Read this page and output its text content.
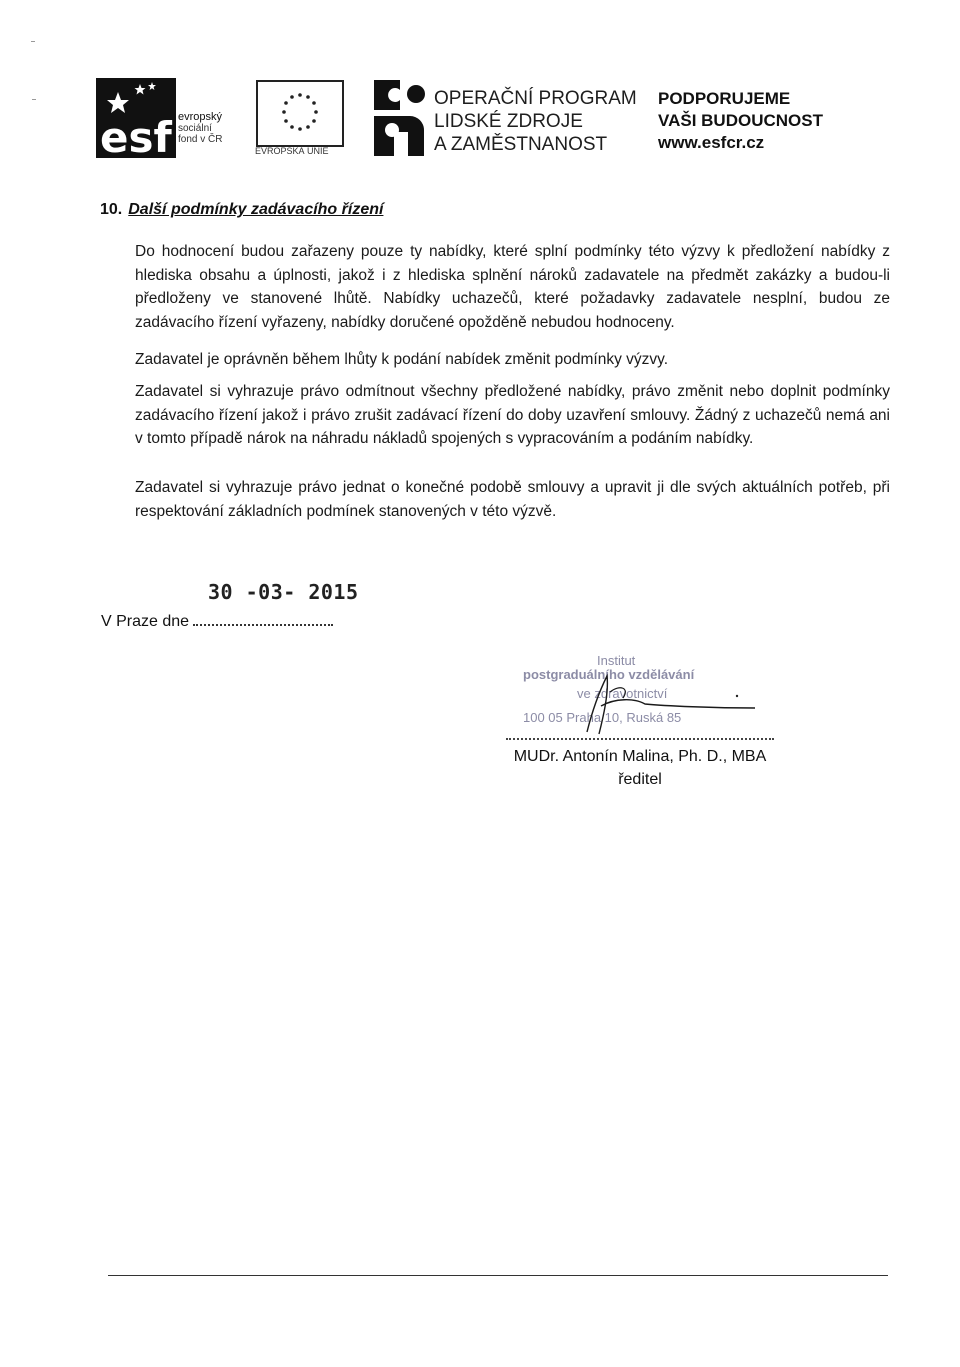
esf evropský
sociální
fond v ČR
EVROPSKÁ UNIE
OPERAČNÍ PROGRAM
LIDSKÉ ZDROJE
A ZAMĚSTNANOST
PODPORUJEME
VAŠI BUDOUCNOST
www.esfcr.cz
10. Další podmínky zadávacího řízení
Do hodnocení budou zařazeny pouze ty nabídky, které splní podmínky této výzvy k předložení nabídky z hlediska obsahu a úplnosti, jakož i z hlediska splnění nároků zadavatele na předmět zakázky a budou-li předloženy ve stanovené lhůtě. Nabídky uchazečů, které požadavky zadavatele nesplní, budou ze zadávacího řízení vyřazeny, nabídky doručené opožděně nebudou hodnoceny.
Zadavatel je oprávněn během lhůty k podání nabídek změnit podmínky výzvy.
Zadavatel si vyhrazuje právo odmítnout všechny předložené nabídky, právo změnit nebo doplnit podmínky zadávacího řízení jakož i právo zrušit zadávací řízení do doby uzavření smlouvy. Žádný z uchazečů nemá ani v tomto případě nárok na náhradu nákladů spojených s vypracováním a podáním nabídky.
Zadavatel si vyhrazuje právo jednat o konečné podobě smlouvy a upravit ji dle svých aktuálních potřeb, při respektování základních podmínek stanovených v této výzvě.
30 -03- 2015
V Praze dne
Institut
postgraduálního vzdělávání
ve zdravotnictví
100 05 Praha 10, Ruská 85
MUDr. Antonín Malina, Ph. D., MBA
ředitel
